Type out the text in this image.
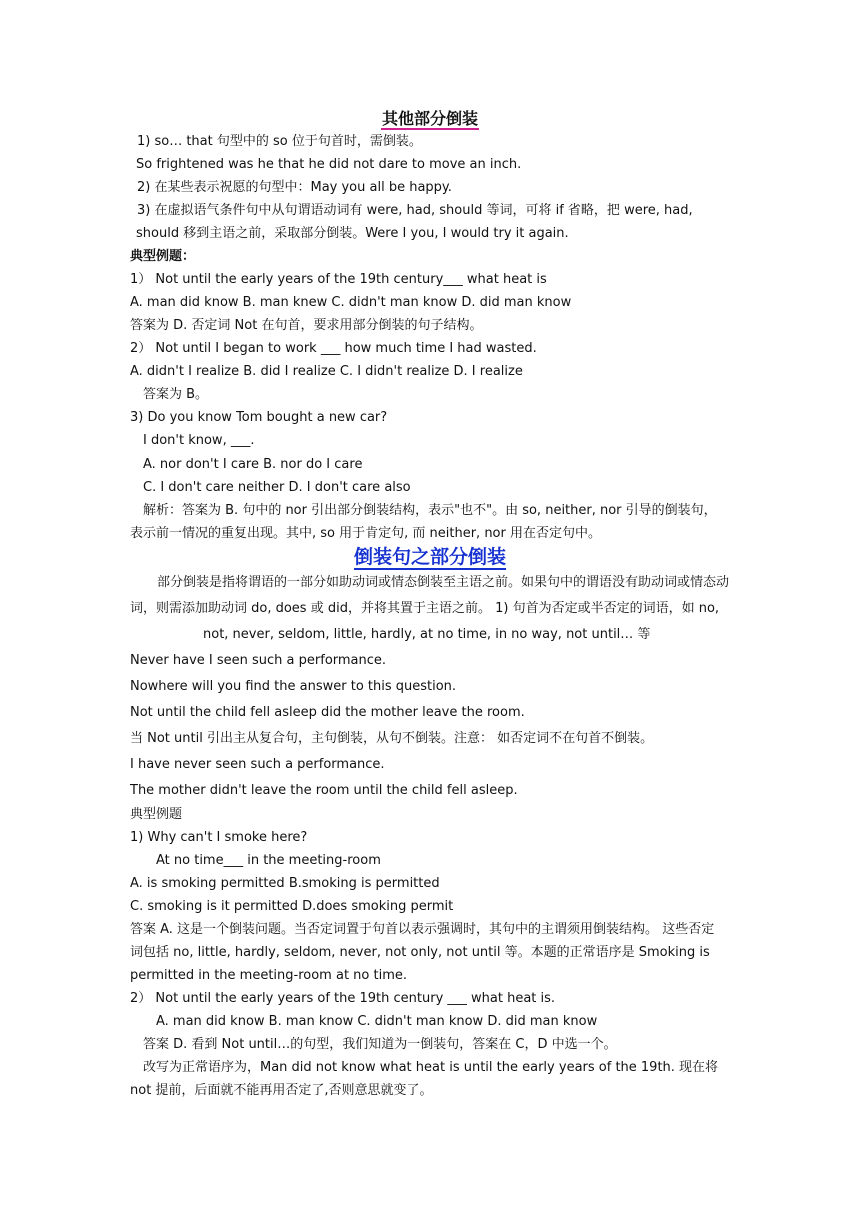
其他部分倒装
1) so… that 句型中的 so 位于句首时，需倒装。
So frightened was he that he did not dare to move an inch.
2) 在某些表示祝愿的句型中：May you all be happy.
3) 在虚拟语气条件句中从句谓语动词有 were, had, should 等词，可将 if 省略，把 were, had,
should 移到主语之前，采取部分倒装。Were I you, I would try it again.
典型例题：
1） Not until the early years of the 19th century___ what heat is
A. man did know B. man knew C. didn't man know D. did man know
答案为 D. 否定词 Not 在句首，要求用部分倒装的句子结构。
2） Not until I began to work ___ how much time I had wasted.
A. didn't I realize B. did I realize C. I didn't realize D. I realize
答案为 B。
3) Do you know Tom bought a new car?
I don't know, ___.
A. nor don't I care B. nor do I care
C. I don't care neither D. I don't care also
解析：答案为 B. 句中的 nor 引出部分倒装结构，表示"也不"。由 so, neither, nor 引导的倒装句，
表示前一情况的重复出现。其中, so 用于肯定句, 而 neither, nor 用在否定句中。
倒装句之部分倒装
部分倒装是指将谓语的一部分如助动词或情态倒装至主语之前。如果句中的谓语没有助动词或情态动
词，则需添加助动词 do, does 或 did，并将其置于主语之前。 1) 句首为否定或半否定的词语，如 no,
not, never, seldom, little, hardly, at no time, in no way, not until… 等
Never have I seen such a performance.
Nowhere will you find the answer to this question.
Not until the child fell asleep did the mother leave the room.
当 Not until 引出主从复合句，主句倒装，从句不倒装。注意： 如否定词不在句首不倒装。
I have never seen such a performance.
The mother didn't leave the room until the child fell asleep.
典型例题
1) Why can't I smoke here?
At no time___ in the meeting-room
A. is smoking permitted B.smoking is permitted
C. smoking is it permitted D.does smoking permit
答案 A. 这是一个倒装问题。当否定词置于句首以表示强调时，其句中的主谓须用倒装结构。 这些否定
词包括 no, little, hardly, seldom, never, not only, not until 等。本题的正常语序是 Smoking is
permitted in the meeting-room at no time.
2） Not until the early years of the 19th century ___ what heat is.
A. man did know B. man know C. didn't man know D. did man know
答案 D. 看到 Not until…的句型，我们知道为一倒装句，答案在 C，D 中选一个。
改写为正常语序为，Man did not know what heat is until the early years of the 19th. 现在将
not 提前，后面就不能再用否定了,否则意思就变了。
